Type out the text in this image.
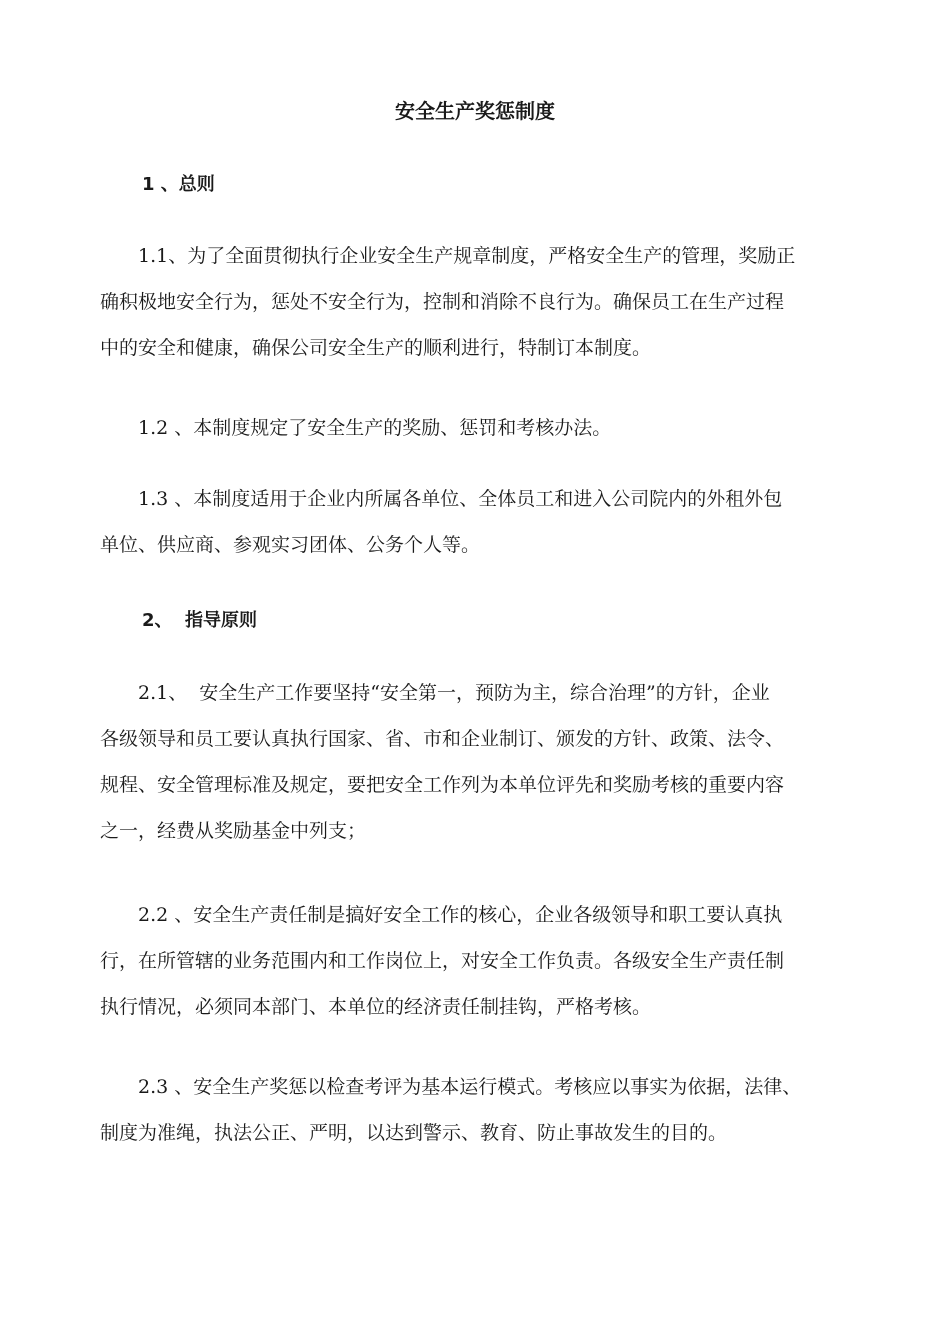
安全生产奖惩制度
1 、总则
　　1.1、为了全面贯彻执行企业安全生产规章制度，严格安全生产的管理，奖励正
确积极地安全行为，惩处不安全行为，控制和消除不良行为。确保员工在生产过程
中的安全和健康，确保公司安全生产的顺利进行，特制订本制度。
　　1.2 、本制度规定了安全生产的奖励、惩罚和考核办法。
　　1.3 、本制度适用于企业内所属各单位、全体员工和进入公司院内的外租外包
单位、供应商、参观实习团体、公务个人等。
2、  指导原则
　　2.1、  安全生产工作要坚持“安全第一，预防为主，综合治理”的方针，企业
各级领导和员工要认真执行国家、省、市和企业制订、颁发的方针、政策、法令、
规程、安全管理标准及规定，要把安全工作列为本单位评先和奖励考核的重要内容
之一，经费从奖励基金中列支；
　　2.2 、安全生产责任制是搞好安全工作的核心，企业各级领导和职工要认真执
行，在所管辖的业务范围内和工作岗位上，对安全工作负责。各级安全生产责任制
执行情况，必须同本部门、本单位的经济责任制挂钩，严格考核。
　　2.3 、安全生产奖惩以检查考评为基本运行模式。考核应以事实为依据，法律、
制度为准绳，执法公正、严明，以达到警示、教育、防止事故发生的目的。
